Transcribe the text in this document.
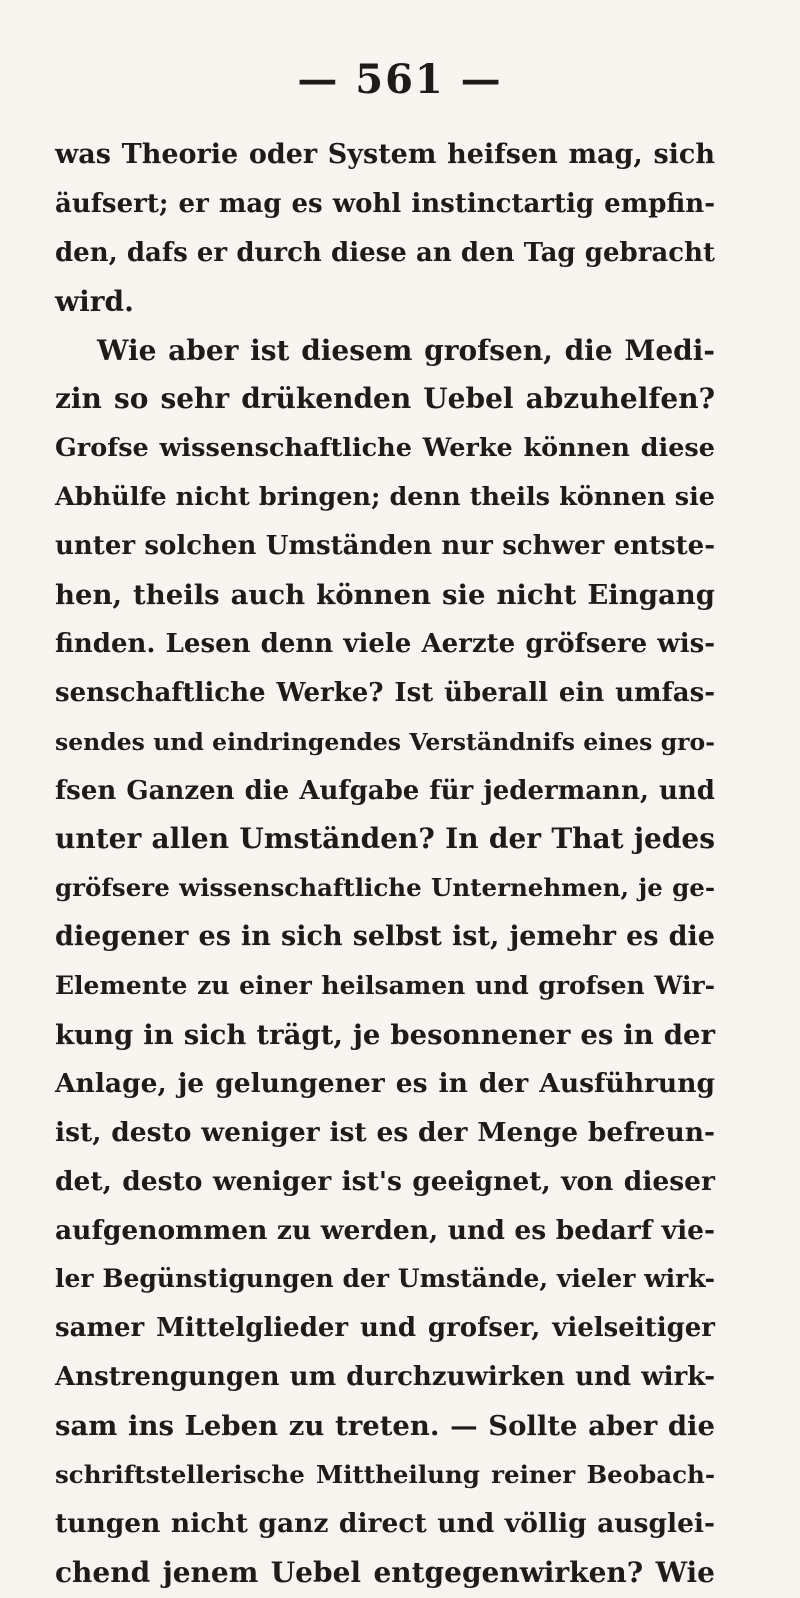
— 561 —
was Theorie oder System heifsen mag, sich
äufsert; er mag es wohl instinctartig empfin-
den, dafs er durch diese an den Tag gebracht
wird.
Wie aber ist diesem grofsen, die Medi-
zin so sehr drükenden Uebel abzuhelfen?
Grofse wissenschaftliche Werke können diese
Abhülfe nicht bringen; denn theils können sie
unter solchen Umständen nur schwer entste-
hen, theils auch können sie nicht Eingang
finden. Lesen denn viele Aerzte gröfsere wis-
senschaftliche Werke? Ist überall ein umfas-
sendes und eindringendes Verständnifs eines gro-
fsen Ganzen die Aufgabe für jedermann, und
unter allen Umständen? In der That jedes
gröfsere wissenschaftliche Unternehmen, je ge-
diegener es in sich selbst ist, jemehr es die
Elemente zu einer heilsamen und grofsen Wir-
kung in sich trägt, je besonnener es in der
Anlage, je gelungener es in der Ausführung
ist, desto weniger ist es der Menge befreun-
det, desto weniger ist's geeignet, von dieser
aufgenommen zu werden, und es bedarf vie-
ler Begünstigungen der Umstände, vieler wirk-
samer Mittelglieder und grofser, vielseitiger
Anstrengungen um durchzuwirken und wirk-
sam ins Leben zu treten. — Sollte aber die
schriftstellerische Mittheilung reiner Beobach-
tungen nicht ganz direct und völlig ausglei-
chend jenem Uebel entgegenwirken? Wie
